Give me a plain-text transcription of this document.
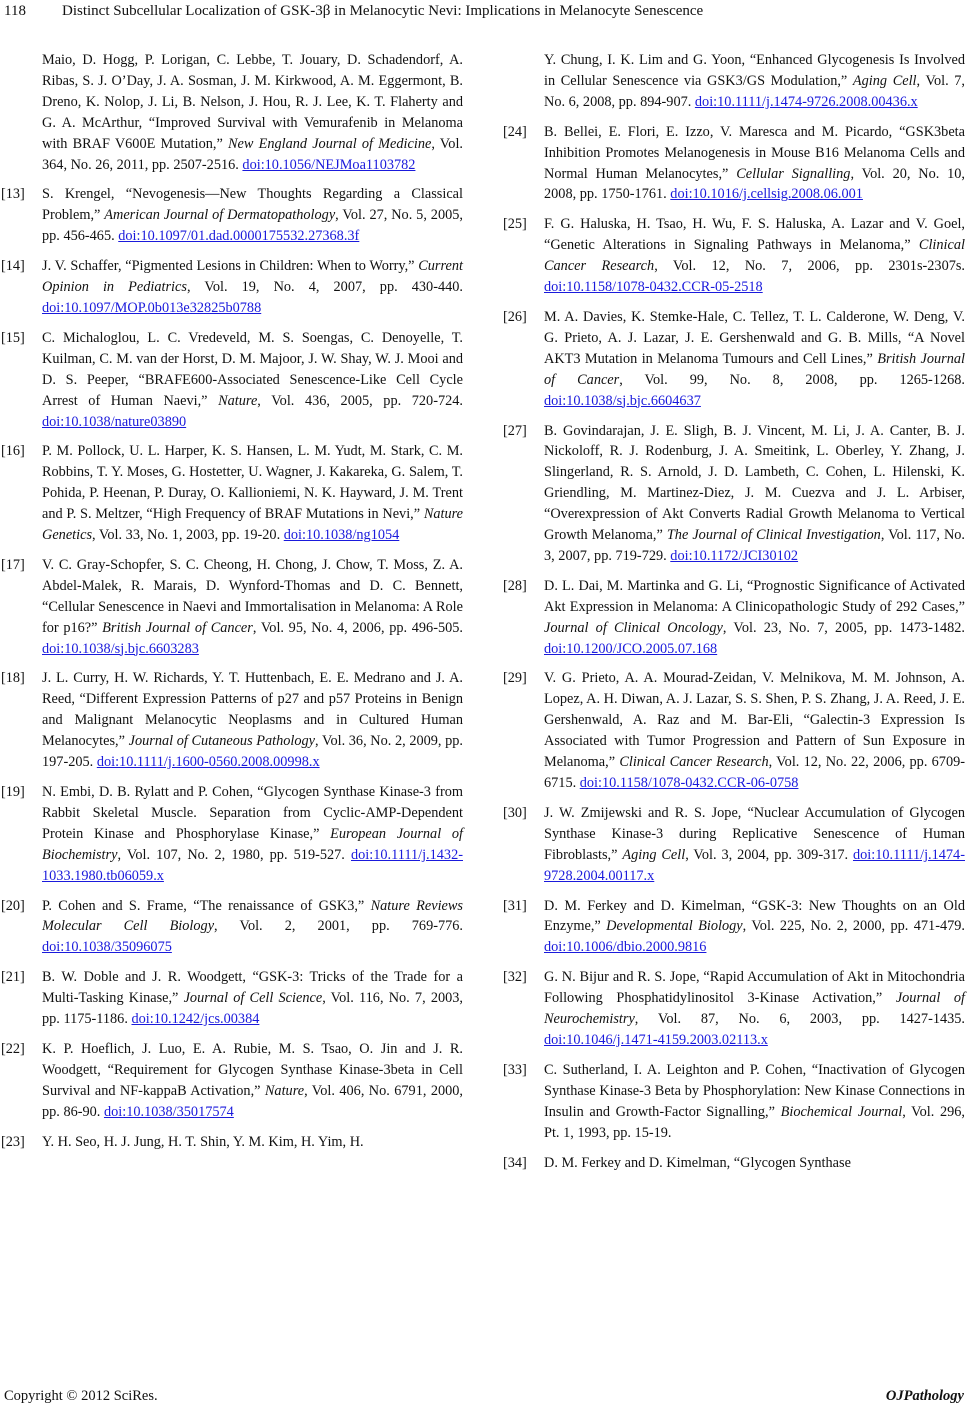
118 Distinct Subcellular Localization of GSK-3β in Melanocytic Nevi: Implications in Melanocyte Senescence
Maio, D. Hogg, P. Lorigan, C. Lebbe, T. Jouary, D. Schadendorf, A. Ribas, S. J. O’Day, J. A. Sosman, J. M. Kirkwood, A. M. Eggermont, B. Dreno, K. Nolop, J. Li, B. Nelson, J. Hou, R. J. Lee, K. T. Flaherty and G. A. McArthur, “Improved Survival with Vemurafenib in Melanoma with BRAF V600E Mutation,” New England Journal of Medicine, Vol. 364, No. 26, 2011, pp. 2507-2516. doi:10.1056/NEJMoa1103782
[13] S. Krengel, “Nevogenesis—New Thoughts Regarding a Classical Problem,” American Journal of Dermatopathology, Vol. 27, No. 5, 2005, pp. 456-465. doi:10.1097/01.dad.0000175532.27368.3f
[14] J. V. Schaffer, “Pigmented Lesions in Children: When to Worry,” Current Opinion in Pediatrics, Vol. 19, No. 4, 2007, pp. 430-440. doi:10.1097/MOP.0b013e32825b0788
[15] C. Michaloglou, L. C. Vredeveld, M. S. Soengas, C. Denoyelle, T. Kuilman, C. M. van der Horst, D. M. Majoor, J. W. Shay, W. J. Mooi and D. S. Peeper, “BRAFE600-Associated Senescence-Like Cell Cycle Arrest of Human Naevi,” Nature, Vol. 436, 2005, pp. 720-724. doi:10.1038/nature03890
[16] P. M. Pollock, U. L. Harper, K. S. Hansen, L. M. Yudt, M. Stark, C. M. Robbins, T. Y. Moses, G. Hostetter, U. Wagner, J. Kakareka, G. Salem, T. Pohida, P. Heenan, P. Duray, O. Kallioniemi, N. K. Hayward, J. M. Trent and P. S. Meltzer, “High Frequency of BRAF Mutations in Nevi,” Nature Genetics, Vol. 33, No. 1, 2003, pp. 19-20. doi:10.1038/ng1054
[17] V. C. Gray-Schopfer, S. C. Cheong, H. Chong, J. Chow, T. Moss, Z. A. Abdel-Malek, R. Marais, D. Wynford-Thomas and D. C. Bennett, “Cellular Senescence in Naevi and Immortalisation in Melanoma: A Role for p16?” British Journal of Cancer, Vol. 95, No. 4, 2006, pp. 496-505. doi:10.1038/sj.bjc.6603283
[18] J. L. Curry, H. W. Richards, Y. T. Huttenbach, E. E. Medrano and J. A. Reed, “Different Expression Patterns of p27 and p57 Proteins in Benign and Malignant Melanocytic Neoplasms and in Cultured Human Melanocytes,” Journal of Cutaneous Pathology, Vol. 36, No. 2, 2009, pp. 197-205. doi:10.1111/j.1600-0560.2008.00998.x
[19] N. Embi, D. B. Rylatt and P. Cohen, “Glycogen Synthase Kinase-3 from Rabbit Skeletal Muscle. Separation from Cyclic-AMP-Dependent Protein Kinase and Phosphorylase Kinase,” European Journal of Biochemistry, Vol. 107, No. 2, 1980, pp. 519-527. doi:10.1111/j.1432-1033.1980.tb06059.x
[20] P. Cohen and S. Frame, “The renaissance of GSK3,” Nature Reviews Molecular Cell Biology, Vol. 2, 2001, pp. 769-776. doi:10.1038/35096075
[21] B. W. Doble and J. R. Woodgett, “GSK-3: Tricks of the Trade for a Multi-Tasking Kinase,” Journal of Cell Science, Vol. 116, No. 7, 2003, pp. 1175-1186. doi:10.1242/jcs.00384
[22] K. P. Hoeflich, J. Luo, E. A. Rubie, M. S. Tsao, O. Jin and J. R. Woodgett, “Requirement for Glycogen Synthase Kinase-3beta in Cell Survival and NF-kappaB Activation,” Nature, Vol. 406, No. 6791, 2000, pp. 86-90. doi:10.1038/35017574
[23] Y. H. Seo, H. J. Jung, H. T. Shin, Y. M. Kim, H. Yim, H.
Y. Chung, I. K. Lim and G. Yoon, “Enhanced Glycogenesis Is Involved in Cellular Senescence via GSK3/GS Modulation,” Aging Cell, Vol. 7, No. 6, 2008, pp. 894-907. doi:10.1111/j.1474-9726.2008.00436.x
[24] B. Bellei, E. Flori, E. Izzo, V. Maresca and M. Picardo, “GSK3beta Inhibition Promotes Melanogenesis in Mouse B16 Melanoma Cells and Normal Human Melanocytes,” Cellular Signalling, Vol. 20, No. 10, 2008, pp. 1750-1761. doi:10.1016/j.cellsig.2008.06.001
[25] F. G. Haluska, H. Tsao, H. Wu, F. S. Haluska, A. Lazar and V. Goel, “Genetic Alterations in Signaling Pathways in Melanoma,” Clinical Cancer Research, Vol. 12, No. 7, 2006, pp. 2301s-2307s. doi:10.1158/1078-0432.CCR-05-2518
[26] M. A. Davies, K. Stemke-Hale, C. Tellez, T. L. Calderone, W. Deng, V. G. Prieto, A. J. Lazar, J. E. Gershenwald and G. B. Mills, “A Novel AKT3 Mutation in Melanoma Tumours and Cell Lines,” British Journal of Cancer, Vol. 99, No. 8, 2008, pp. 1265-1268. doi:10.1038/sj.bjc.6604637
[27] B. Govindarajan, J. E. Sligh, B. J. Vincent, M. Li, J. A. Canter, B. J. Nickoloff, R. J. Rodenburg, J. A. Smeitink, L. Oberley, Y. Zhang, J. Slingerland, R. S. Arnold, J. D. Lambeth, C. Cohen, L. Hilenski, K. Griendling, M. Martinez-Diez, J. M. Cuezva and J. L. Arbiser, “Overexpression of Akt Converts Radial Growth Melanoma to Vertical Growth Melanoma,” The Journal of Clinical Investigation, Vol. 117, No. 3, 2007, pp. 719-729. doi:10.1172/JCI30102
[28] D. L. Dai, M. Martinka and G. Li, “Prognostic Significance of Activated Akt Expression in Melanoma: A Clinicopathologic Study of 292 Cases,” Journal of Clinical Oncology, Vol. 23, No. 7, 2005, pp. 1473-1482. doi:10.1200/JCO.2005.07.168
[29] V. G. Prieto, A. A. Mourad-Zeidan, V. Melnikova, M. M. Johnson, A. Lopez, A. H. Diwan, A. J. Lazar, S. S. Shen, P. S. Zhang, J. A. Reed, J. E. Gershenwald, A. Raz and M. Bar-Eli, “Galectin-3 Expression Is Associated with Tumor Progression and Pattern of Sun Exposure in Melanoma,” Clinical Cancer Research, Vol. 12, No. 22, 2006, pp. 6709-6715. doi:10.1158/1078-0432.CCR-06-0758
[30] J. W. Zmijewski and R. S. Jope, “Nuclear Accumulation of Glycogen Synthase Kinase-3 during Replicative Senescence of Human Fibroblasts,” Aging Cell, Vol. 3, 2004, pp. 309-317. doi:10.1111/j.1474-9728.2004.00117.x
[31] D. M. Ferkey and D. Kimelman, “GSK-3: New Thoughts on an Old Enzyme,” Developmental Biology, Vol. 225, No. 2, 2000, pp. 471-479. doi:10.1006/dbio.2000.9816
[32] G. N. Bijur and R. S. Jope, “Rapid Accumulation of Akt in Mitochondria Following Phosphatidylinositol 3-Kinase Activation,” Journal of Neurochemistry, Vol. 87, No. 6, 2003, pp. 1427-1435. doi:10.1046/j.1471-4159.2003.02113.x
[33] C. Sutherland, I. A. Leighton and P. Cohen, “Inactivation of Glycogen Synthase Kinase-3 Beta by Phosphorylation: New Kinase Connections in Insulin and Growth-Factor Signalling,” Biochemical Journal, Vol. 296, Pt. 1, 1993, pp. 15-19.
[34] D. M. Ferkey and D. Kimelman, “Glycogen Synthase
Copyright © 2012 SciRes.	OJPathology
